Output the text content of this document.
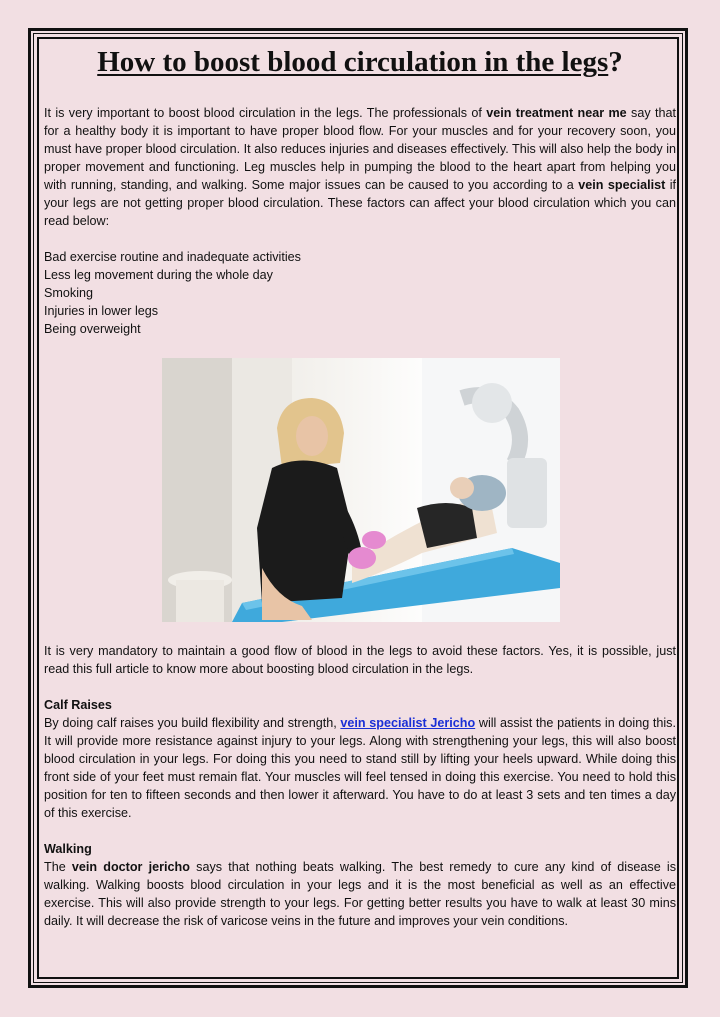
How to boost blood circulation in the legs?

It is very important to boost blood circulation in the legs. The professionals of vein treatment near me say that for a healthy body it is important to have proper blood flow. For your muscles and for your recovery soon, you must have proper blood circulation. It also reduces injuries and diseases effectively. This will also help the body in proper movement and functioning. Leg muscles help in pumping the blood to the heart apart from helping you with running, standing, and walking. Some major issues can be caused to you according to a vein specialist if your legs are not getting proper blood circulation. These factors can affect your blood circulation which you can read below:

Bad exercise routine and inadequate activities
Less leg movement during the whole day
Smoking
Injuries in lower legs
Being overweight

It is very mandatory to maintain a good flow of blood in the legs to avoid these factors. Yes, it is possible, just read this full article to know more about boosting blood circulation in the legs.

Calf Raises

By doing calf raises you build flexibility and strength, vein specialist Jericho will assist the patients in doing this. It will provide more resistance against injury to your legs. Along with strengthening your legs, this will also boost blood circulation in your legs. For doing this you need to stand still by lifting your heels upward. While doing this front side of your feet must remain flat. Your muscles will feel tensed in doing this exercise. You need to hold this position for ten to fifteen seconds and then lower it afterward. You have to do at least 3 sets and ten times a day of this exercise.

Walking

The vein doctor jericho says that nothing beats walking. The best remedy to cure any kind of disease is walking. Walking boosts blood circulation in your legs and it is the most beneficial as well as an effective exercise. This will also provide strength to your legs. For getting better results you have to walk at least 30 mins daily. It will decrease the risk of varicose veins in the future and improves your vein conditions.
